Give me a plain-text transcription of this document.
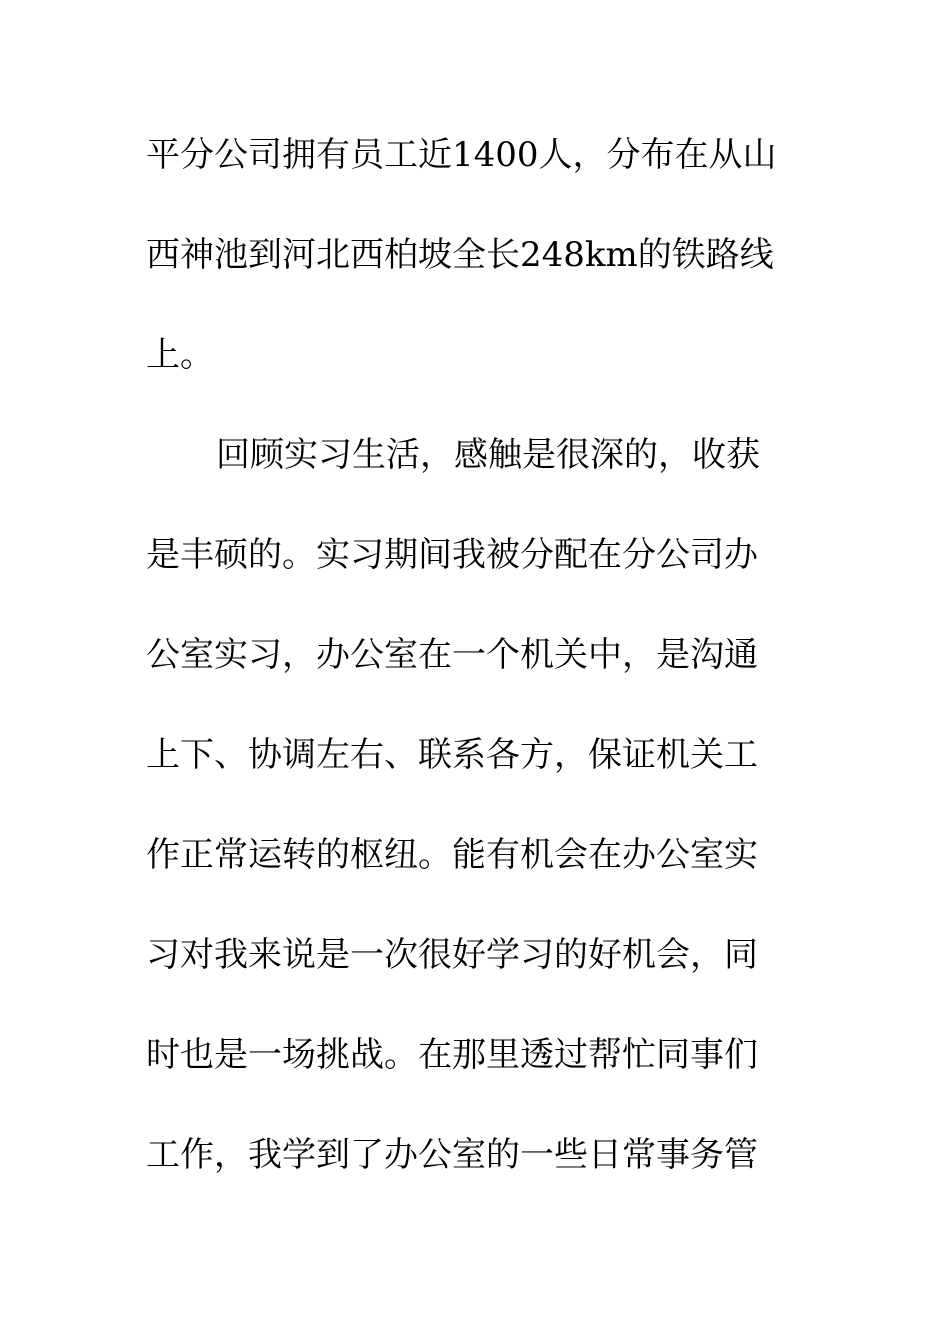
平分公司拥有员工近1400人，分布在从山
西神池到河北西柏坡全长248km的铁路线
上。
回顾实习生活，感触是很深的，收获
是丰硕的。实习期间我被分配在分公司办
公室实习，办公室在一个机关中，是沟通
上下、协调左右、联系各方，保证机关工
作正常运转的枢纽。能有机会在办公室实
习对我来说是一次很好学习的好机会，同
时也是一场挑战。在那里透过帮忙同事们
工作，我学到了办公室的一些日常事务管
